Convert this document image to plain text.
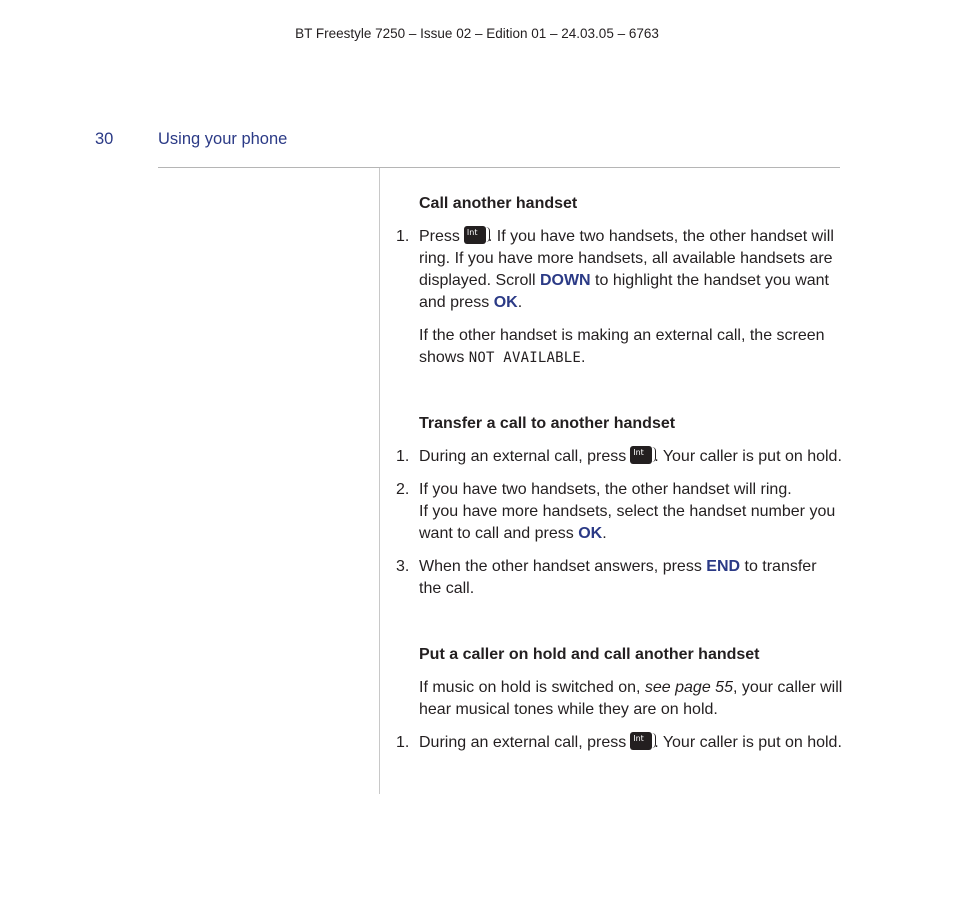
BT Freestyle 7250 – Issue 02 – Edition 01 – 24.03.05 – 6763
30	Using your phone
Call another handset
1. Press Int . If you have two handsets, the other handset will ring. If you have more handsets, all available handsets are displayed. Scroll DOWN to highlight the handset you want and press OK.

If the other handset is making an external call, the screen shows NOT AVAILABLE.

Transfer a call to another handset
1. During an external call, press Int . Your caller is put on hold.
2. If you have two handsets, the other handset will ring.
If you have more handsets, select the handset number you want to call and press OK.
3. When the other handset answers, press END to transfer the call.
Put a caller on hold and call another handset

If music on hold is switched on, see page 55, your caller will hear musical tones while they are on hold.

1. During an external call, press Int . Your caller is put on hold.
